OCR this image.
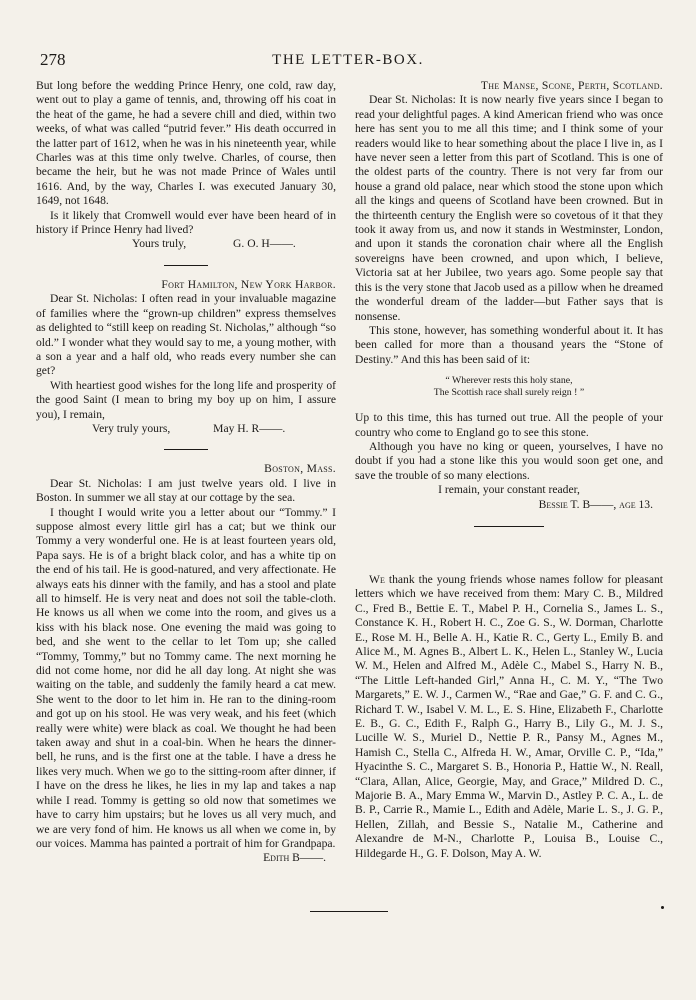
278	THE LETTER-BOX.

But long before the wedding Prince Henry, one cold, raw day, went out to play a game of tennis, and, throwing off his coat in the heat of the game, he had a severe chill and died, within two weeks, of what was called “putrid fever.” His death occurred in the latter part of 1612, when he was in his nineteenth year, while Charles was at this time only twelve. Charles, of course, then became the heir, but he was not made Prince of Wales until 1616. And, by the way, Charles I. was executed January 30, 1649, not 1648.

Is it likely that Cromwell would ever have been heard of in history if Prince Henry had lived?

Yours truly,	G. O. H——.

Fort Hamilton, New York Harbor.

Dear St. Nicholas: I often read in your invaluable magazine of families where the “grown-up children” express themselves as delighted to “still keep on reading St. Nicholas,” although “so old.” I wonder what they would say to me, a young mother, with a son a year and a half old, who reads every number she can get?

With heartiest good wishes for the long life and prosperity of the good Saint (I mean to bring my boy up on him, I assure you), I remain,

Very truly yours,	May H. R——.

Boston, Mass.

Dear St. Nicholas: I am just twelve years old. I live in Boston. In summer we all stay at our cottage by the sea.

I thought I would write you a letter about our “Tommy.” I suppose almost every little girl has a cat; but we think our Tommy a very wonderful one. He is at least fourteen years old, Papa says. He is of a bright black color, and has a white tip on the end of his tail. He is good-natured, and very affectionate. He always eats his dinner with the family, and has a stool and plate all to himself. He is very neat and does not soil the table-cloth. He knows us all when we come into the room, and gives us a kiss with his black nose. One evening the maid was going to bed, and she went to the cellar to let Tom up; she called “Tommy, Tommy,” but no Tommy came. The next morning he did not come home, nor did he all day long. At night she was waiting on the table, and suddenly the family heard a cat mew. She went to the door to let him in. He ran to the dining-room and got up on his stool. He was very weak, and his feet (which really were white) were black as coal. We thought he had been taken away and shut in a coal-bin. When he hears the dinner-bell, he runs, and is the first one at the table. I have a dress he likes very much. When we go to the sitting-room after dinner, if I have on the dress he likes, he lies in my lap and takes a nap while I read. Tommy is getting so old now that sometimes we have to carry him upstairs; but he loves us all very much, and we are very fond of him. He knows us all when we come in, by our voices. Mamma has painted a portrait of him for Grandpapa.

Edith B——.

The Manse, Scone, Perth, Scotland.

Dear St. Nicholas: It is now nearly five years since I began to read your delightful pages. A kind American friend who was once here has sent you to me all this time; and I think some of your readers would like to hear something about the place I live in, as I have never seen a letter from this part of Scotland. This is one of the oldest parts of the country. There is not very far from our house a grand old palace, near which stood the stone upon which all the kings and queens of Scotland have been crowned. But in the thirteenth century the English were so covetous of it that they took it away from us, and now it stands in Westminster, London, and upon it stands the coronation chair where all the English sovereigns have been crowned, and upon which, I believe, Victoria sat at her Jubilee, two years ago. Some people say that this is the very stone that Jacob used as a pillow when he dreamed the wonderful dream of the ladder—but Father says that is nonsense.

This stone, however, has something wonderful about it. It has been called for more than a thousand years the “Stone of Destiny.” And this has been said of it:

“ Wherever rests this holy stane,
The Scottish race shall surely reign ! ”

Up to this time, this has turned out true. All the people of your country who come to England go to see this stone.

Although you have no king or queen, yourselves, I have no doubt if you had a stone like this you would soon get one, and save the trouble of so many elections.

I remain, your constant reader,

Bessie T. B——, age 13.

We thank the young friends whose names follow for pleasant letters which we have received from them: Mary C. B., Mildred C., Fred B., Bettie E. T., Mabel P. H., Cornelia S., James L. S., Constance K. H., Robert H. C., Zoe G. S., W. Dorman, Charlotte E., Rose M. H., Belle A. H., Katie R. C., Gerty L., Emily B. and Alice M., M. Agnes B., Albert L. K., Helen L., Stanley W., Lucia W. M., Helen and Alfred M., Adèle C., Mabel S., Harry N. B., “The Little Left-handed Girl,” Anna H., C. M. Y., “The Two Margarets,” E. W. J., Carmen W., “Rae and Gae,” G. F. and C. G., Richard T. W., Isabel V. M. L., E. S. Hine, Elizabeth F., Charlotte E. B., G. C., Edith F., Ralph G., Harry B., Lily G., M. J. S., Lucille W. S., Muriel D., Nettie P. R., Pansy M., Agnes M., Hamish C., Stella C., Alfreda H. W., Amar, Orville C. P., “Ida,” Hyacinthe S. C., Margaret S. B., Honoria P., Hattie W., N. Reall, “Clara, Allan, Alice, Georgie, May, and Grace,” Mildred D. C., Majorie B. A., Mary Emma W., Marvin D., Astley P. C. A., L. de B. P., Carrie R., Mamie L., Edith and Adèle, Marie L. S., J. G. P., Hellen, Zillah, and Bessie S., Natalie M., Catherine and Alexandre de M-N., Charlotte P., Louisa B., Louise C., Hildegarde H., G. F. Dolson, May A. W.
